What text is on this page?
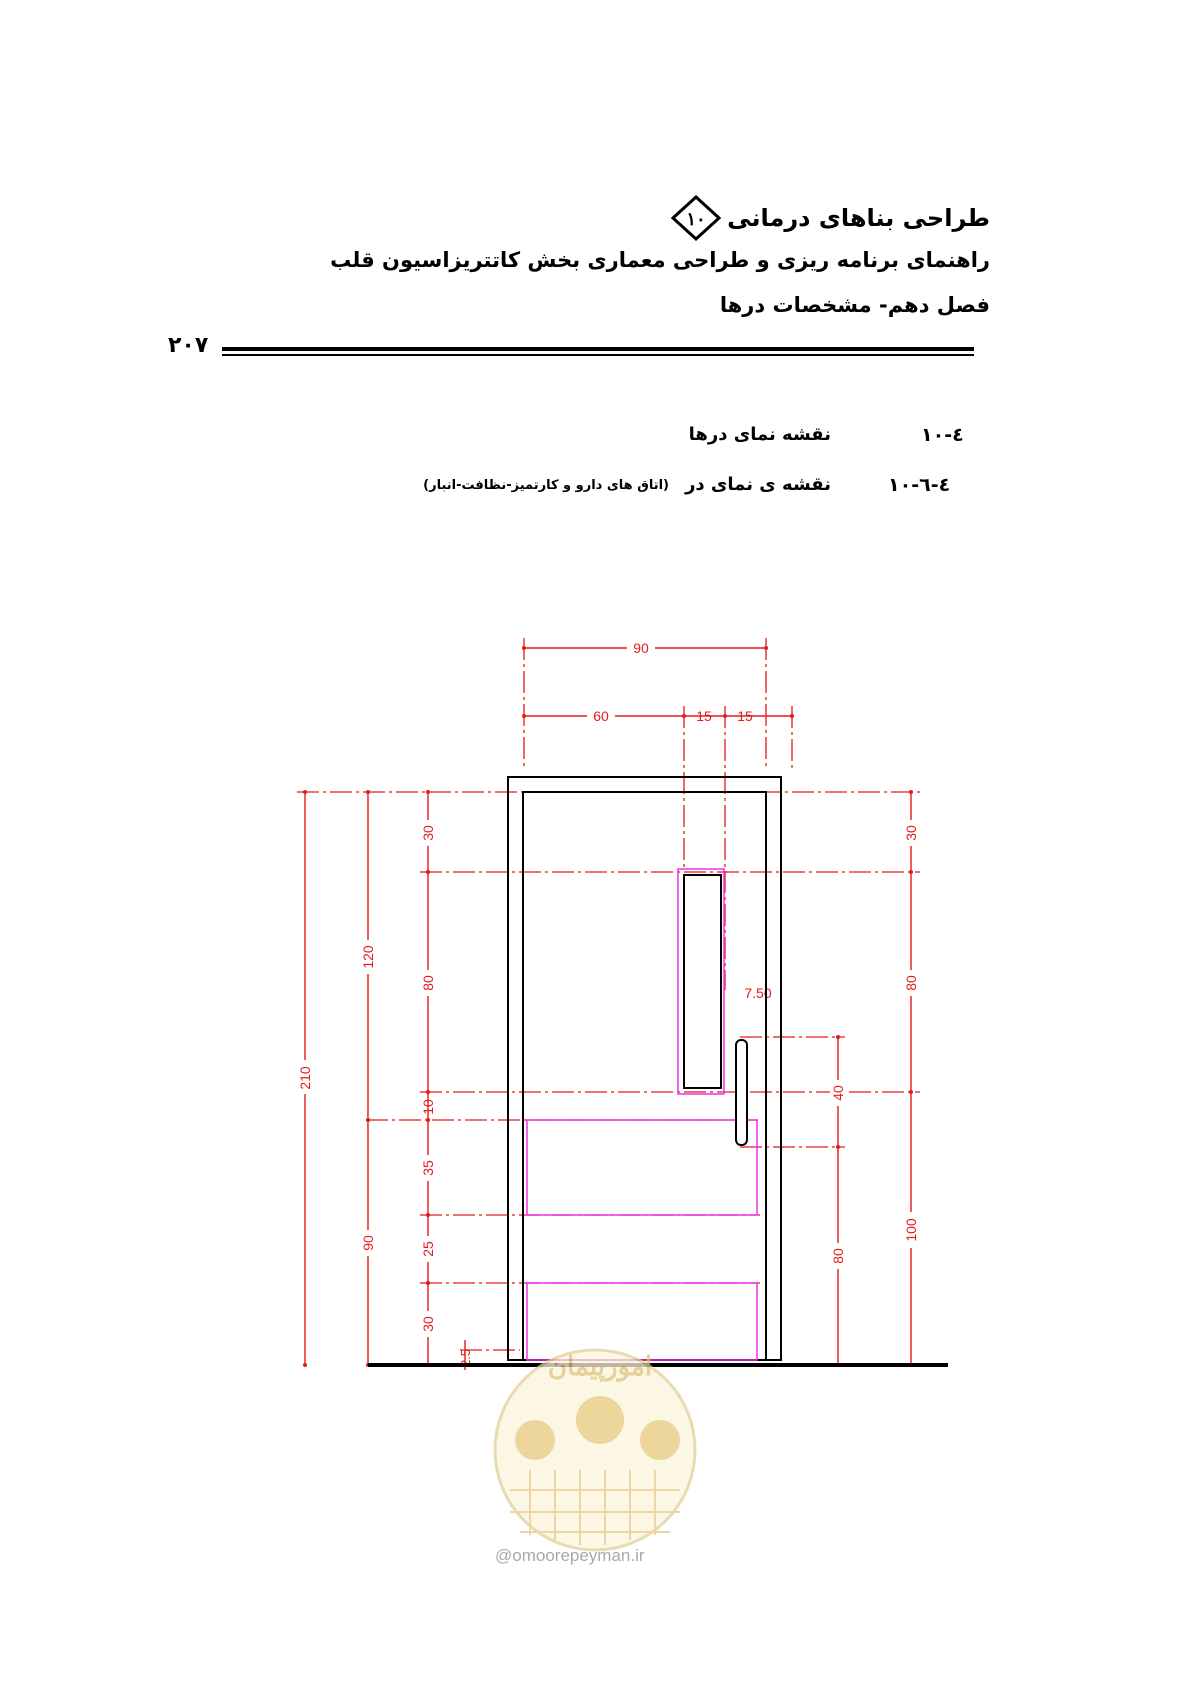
طراحی بناهای درمانی
۱۰
راهنمای برنامه ریزی و طراحی معماری بخش کاتتریزاسیون قلب
فصل دهم- مشخصات درها
۲۰۷
۱۰-٤
نقشه نمای درها
۱۰-٤-٦
نقشه ی نمای در
(اتاق های دارو و کارتمیز-نظافت-انبار)
90
60	15 15
210
120
90
30
80
10
35
25
30
2.5
30
80
100
7.50
40
80
امورپیمان
@omoorepeyman.ir
